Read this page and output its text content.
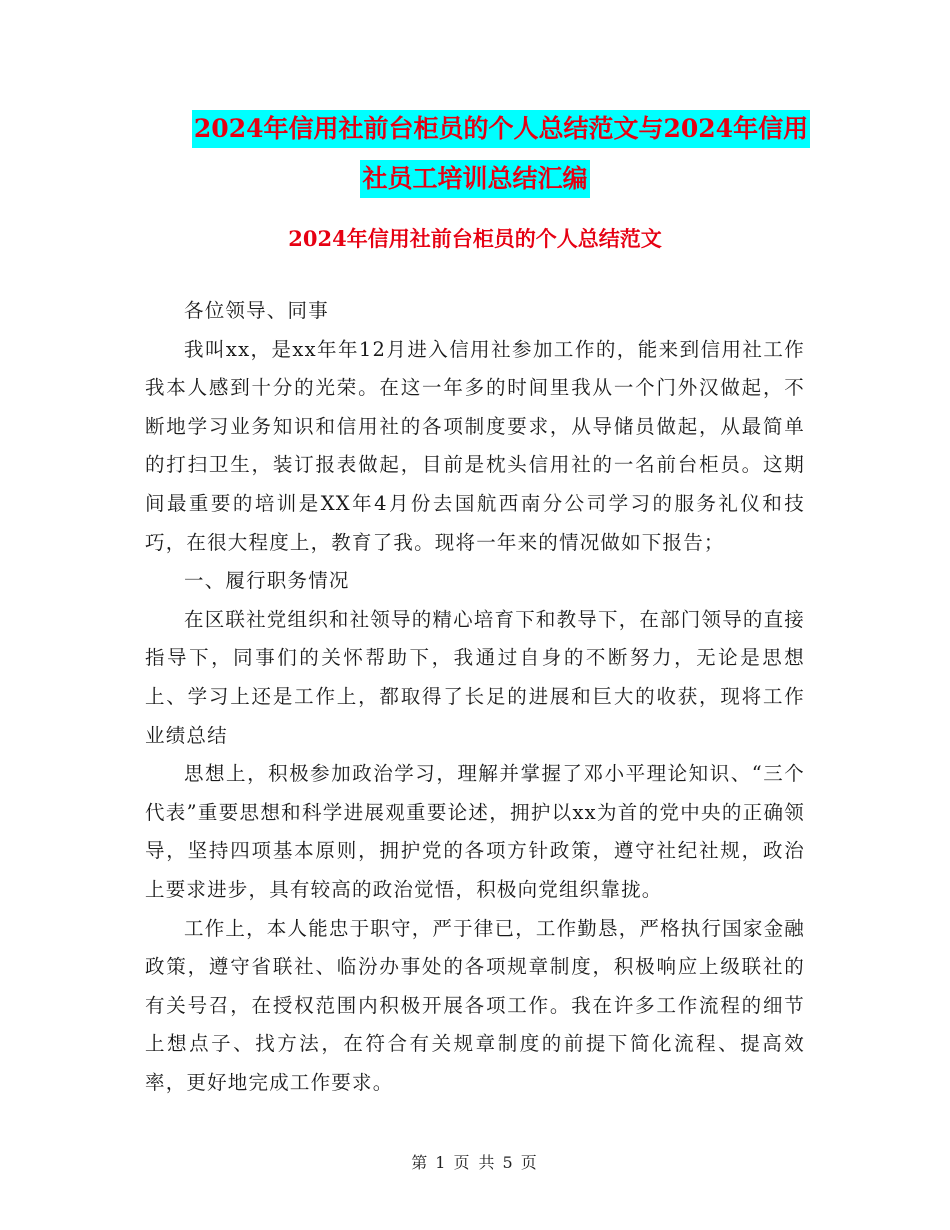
2024年信用社前台柜员的个人总结范文与2024年信用
社员工培训总结汇编
2024年信用社前台柜员的个人总结范文

各位领导、同事

我叫xx，是xx年年12月进入信用社参加工作的，能来到信用社工作我本人感到十分的光荣。在这一年多的时间里我从一个门外汉做起，不断地学习业务知识和信用社的各项制度要求，从导储员做起，从最简单的打扫卫生，装订报表做起，目前是枕头信用社的一名前台柜员。这期间最重要的培训是XX年4月份去国航西南分公司学习的服务礼仪和技巧，在很大程度上，教育了我。现将一年来的情况做如下报告；

一、履行职务情况

在区联社党组织和社领导的精心培育下和教导下，在部门领导的直接指导下，同事们的关怀帮助下，我通过自身的不断努力，无论是思想上、学习上还是工作上，都取得了长足的进展和巨大的收获，现将工作业绩总结

思想上，积极参加政治学习，理解并掌握了邓小平理论知识、“三个代表”重要思想和科学进展观重要论述，拥护以xx为首的党中央的正确领导，坚持四项基本原则，拥护党的各项方针政策，遵守社纪社规，政治上要求进步，具有较高的政治觉悟，积极向党组织靠拢。

工作上，本人能忠于职守，严于律已，工作勤恳，严格执行国家金融政策，遵守省联社、临汾办事处的各项规章制度，积极响应上级联社的有关号召，在授权范围内积极开展各项工作。我在许多工作流程的细节上想点子、找方法，在符合有关规章制度的前提下简化流程、提高效率，更好地完成工作要求。

第 1 页 共 5 页
